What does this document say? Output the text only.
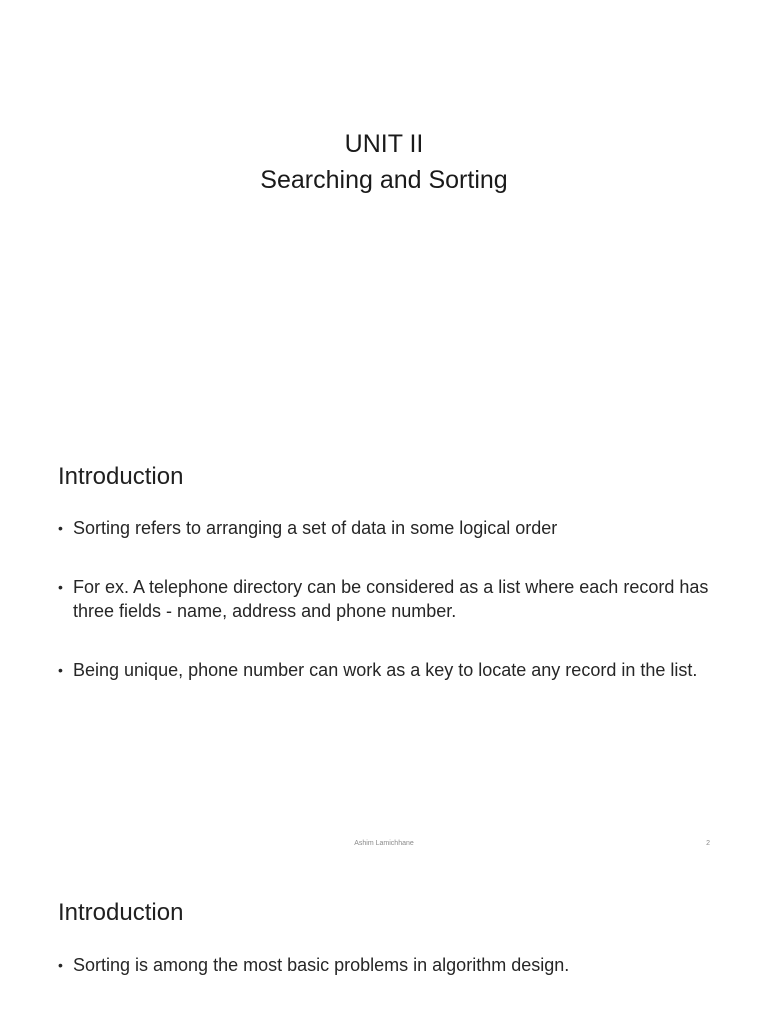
UNIT II
Searching and Sorting
Introduction
• Sorting refers to arranging a set of data in some logical order
• For ex. A telephone directory can be considered as a list where each record has three fields - name, address and phone number.
• Being unique, phone number can work as a key to locate any record in the list.
Ashim Lamichhane	2
Introduction
• Sorting is among the most basic problems in algorithm design.
